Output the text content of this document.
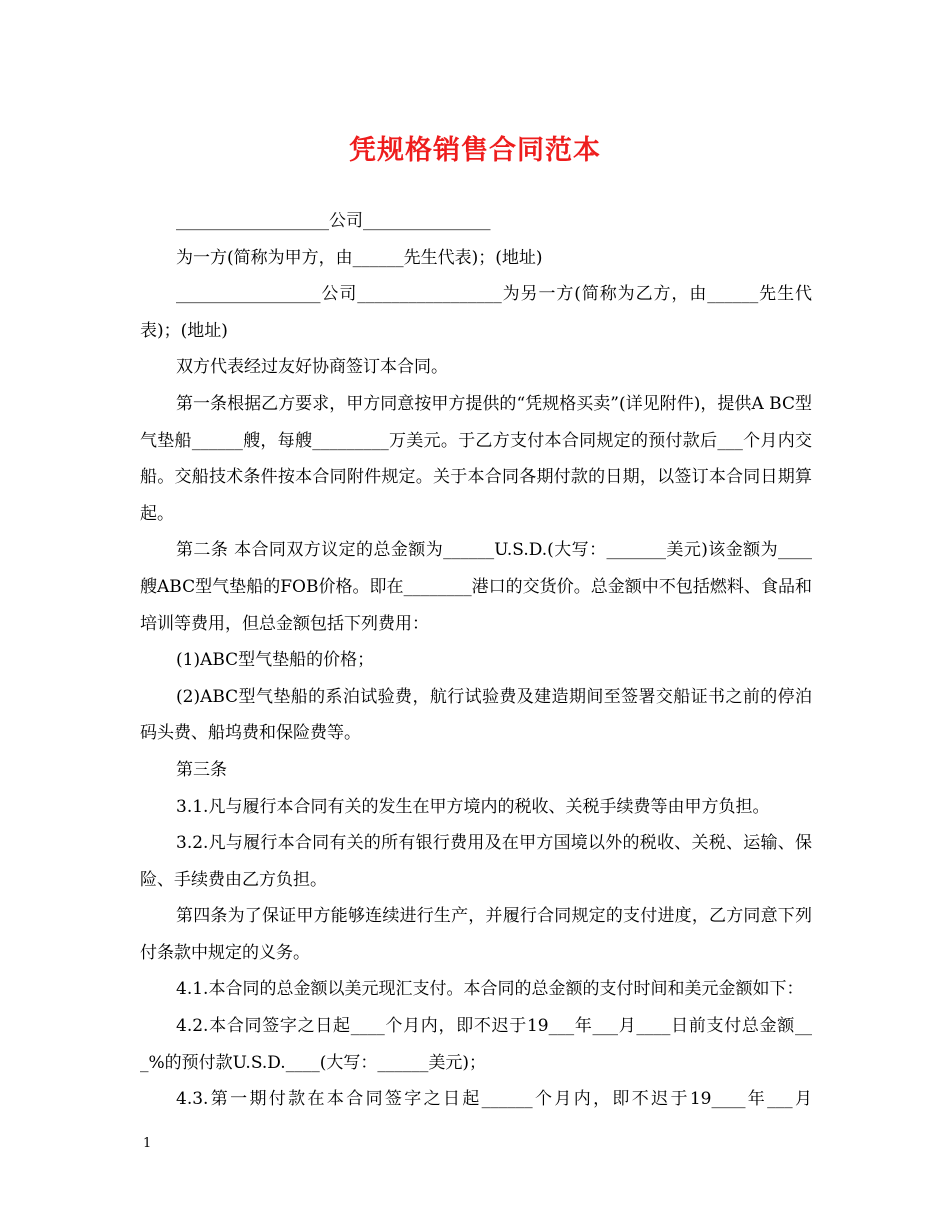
凭规格销售合同范本

__________________公司_______________

为一方(简称为甲方，由______先生代表)；(地址)

_________________公司_________________为另一方(简称为乙方，由______先生代表)；(地址)

双方代表经过友好协商签订本合同。

第一条根据乙方要求，甲方同意按甲方提供的“凭规格买卖”(详见附件)，提供A BC型气垫船______艘，每艘_________万美元。于乙方支付本合同规定的预付款后___个月内交船。交船技术条件按本合同附件规定。关于本合同各期付款的日期，以签订本合同日期算起。

第二条 本合同双方议定的总金额为______U.S.D.(大写：_______美元)该金额为____艘ABC型气垫船的FOB价格。即在________港口的交货价。总金额中不包括燃料、食品和培训等费用，但总金额包括下列费用：

(1)ABC型气垫船的价格；

(2)ABC型气垫船的系泊试验费，航行试验费及建造期间至签署交船证书之前的停泊码头费、船坞费和保险费等。

第三条

3.1.凡与履行本合同有关的发生在甲方境内的税收、关税手续费等由甲方负担。

3.2.凡与履行本合同有关的所有银行费用及在甲方国境以外的税收、关税、运输、保险、手续费由乙方负担。

第四条为了保证甲方能够连续进行生产，并履行合同规定的支付进度，乙方同意下列付条款中规定的义务。

4.1.本合同的总金额以美元现汇支付。本合同的总金额的支付时间和美元金额如下：

4.2.本合同签字之日起____个月内，即不迟于19___年___月____日前支付总金额___%的预付款U.S.D.____(大写：______美元)；

4.3.第一期付款在本合同签字之日起______个月内，即不迟于19____年___月

1
